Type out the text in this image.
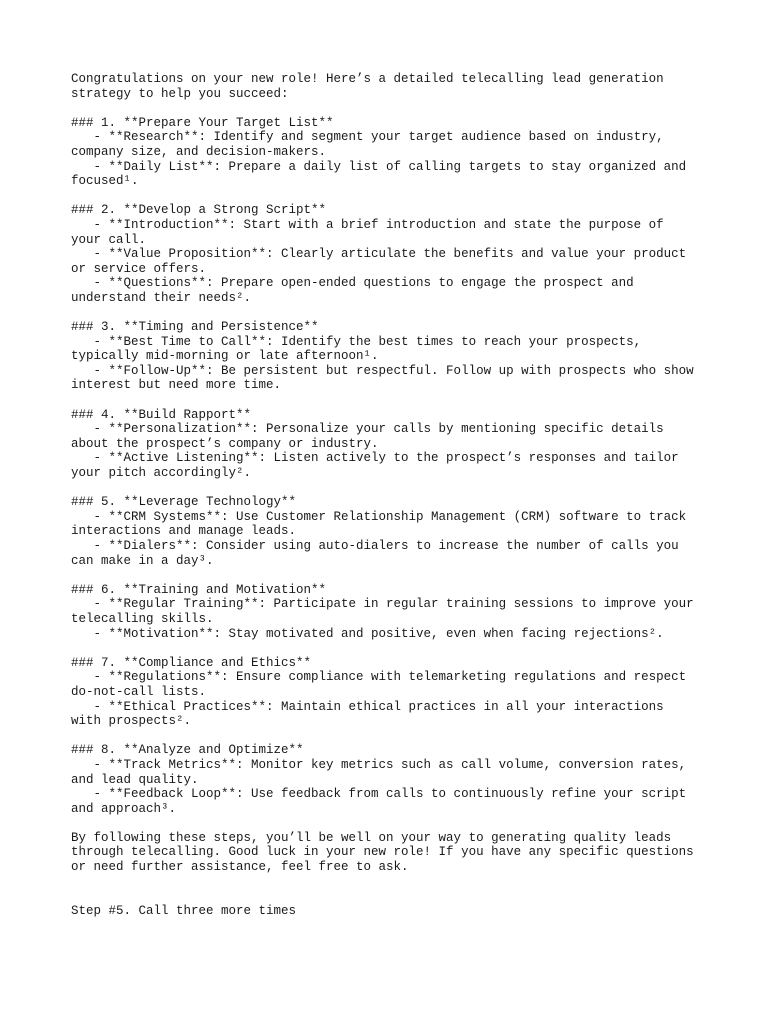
Congratulations on your new role! Here’s a detailed telecalling lead generation
strategy to help you succeed:
### 1. **Prepare Your Target List**
- **Research**: Identify and segment your target audience based on industry,
company size, and decision-makers.
- **Daily List**: Prepare a daily list of calling targets to stay organized and
focused¹.
### 2. **Develop a Strong Script**
- **Introduction**: Start with a brief introduction and state the purpose of
your call.
- **Value Proposition**: Clearly articulate the benefits and value your product
or service offers.
- **Questions**: Prepare open-ended questions to engage the prospect and
understand their needs².
### 3. **Timing and Persistence**
- **Best Time to Call**: Identify the best times to reach your prospects,
typically mid-morning or late afternoon¹.
- **Follow-Up**: Be persistent but respectful. Follow up with prospects who show
interest but need more time.
### 4. **Build Rapport**
- **Personalization**: Personalize your calls by mentioning specific details
about the prospect’s company or industry.
- **Active Listening**: Listen actively to the prospect’s responses and tailor
your pitch accordingly².
### 5. **Leverage Technology**
- **CRM Systems**: Use Customer Relationship Management (CRM) software to track
interactions and manage leads.
- **Dialers**: Consider using auto-dialers to increase the number of calls you
can make in a day³.
### 6. **Training and Motivation**
- **Regular Training**: Participate in regular training sessions to improve your
telecalling skills.
- **Motivation**: Stay motivated and positive, even when facing rejections².
### 7. **Compliance and Ethics**
- **Regulations**: Ensure compliance with telemarketing regulations and respect
do-not-call lists.
- **Ethical Practices**: Maintain ethical practices in all your interactions
with prospects².
### 8. **Analyze and Optimize**
- **Track Metrics**: Monitor key metrics such as call volume, conversion rates,
and lead quality.
- **Feedback Loop**: Use feedback from calls to continuously refine your script
and approach³.
By following these steps, you’ll be well on your way to generating quality leads
through telecalling. Good luck in your new role! If you have any specific questions
or need further assistance, feel free to ask.
Step #5. Call three more times
